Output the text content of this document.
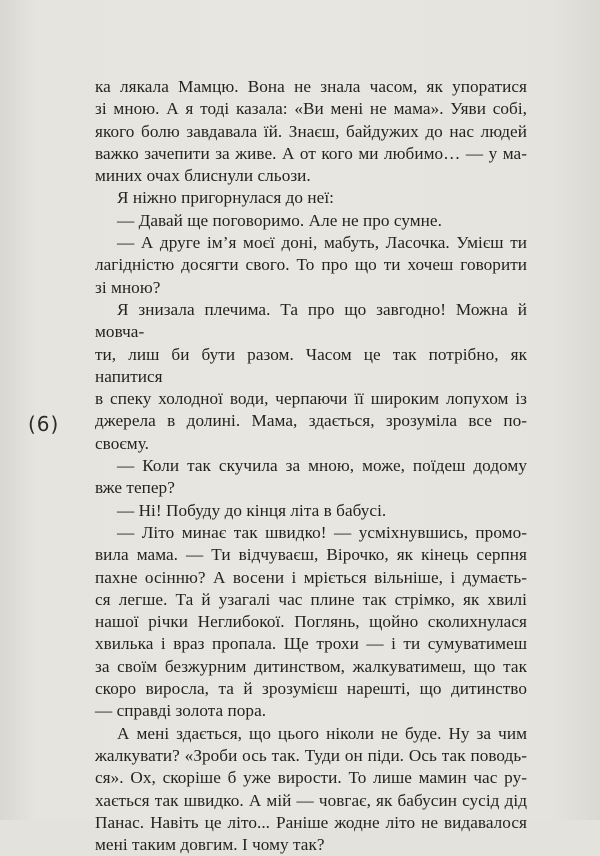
(6)

ка лякала Мамцю. Вона не знала часом, як упоратися

зі мною. А я тоді казала: «Ви мені не мама». Уяви собі,

якого болю завдавала їй. Знаєш, байдужих до нас людей

важко зачепити за живе. А от кого ми любимо… — у ма-

миних очах блиснули сльози.

Я ніжно пригорнулася до неї:

— Давай ще поговоримо. Але не про сумне.

— А друге ім’я моєї доні, мабуть, Ласочка. Умієш ти

лагідністю досягти свого. То про що ти хочеш говорити

зі мною?

Я знизала плечима. Та про що завгодно! Можна й мовча-

ти, лиш би бути разом. Часом це так потрібно, як напитися

в спеку холодної води, черпаючи її широким лопухом із

джерела в долині. Мама, здається, зрозуміла все по-своєму.

— Коли так скучила за мною, може, поїдеш додому

вже тепер?

— Ні! Побуду до кінця літа в бабусі.

— Літо минає так швидко! — усміхнувшись, промо-

вила мама. — Ти відчуваєш, Вірочко, як кінець серпня

пахне осінню? А восени і мріється вільніше, і думаєть-

ся легше. Та й узагалі час плине так стрімко, як хвилі

нашої річки Неглибокої. Поглянь, щойно сколихнулася

хвилька і враз пропала. Ще трохи — і ти сумуватимеш

за своїм безжурним дитинством, жалкуватимеш, що так

скоро виросла, та й зрозумієш нарешті, що дитинство

— справді золота пора.

А мені здається, що цього ніколи не буде. Ну за чим

жалкувати? «Зроби ось так. Туди он піди. Ось так поводь-

ся». Ох, скоріше б уже вирости. То лише мамин час ру-

хається так швидко. А мій — човгає, як бабусин сусід дід

Панас. Навіть це літо... Раніше жодне літо не видавалося

мені таким довгим. І чому так?
